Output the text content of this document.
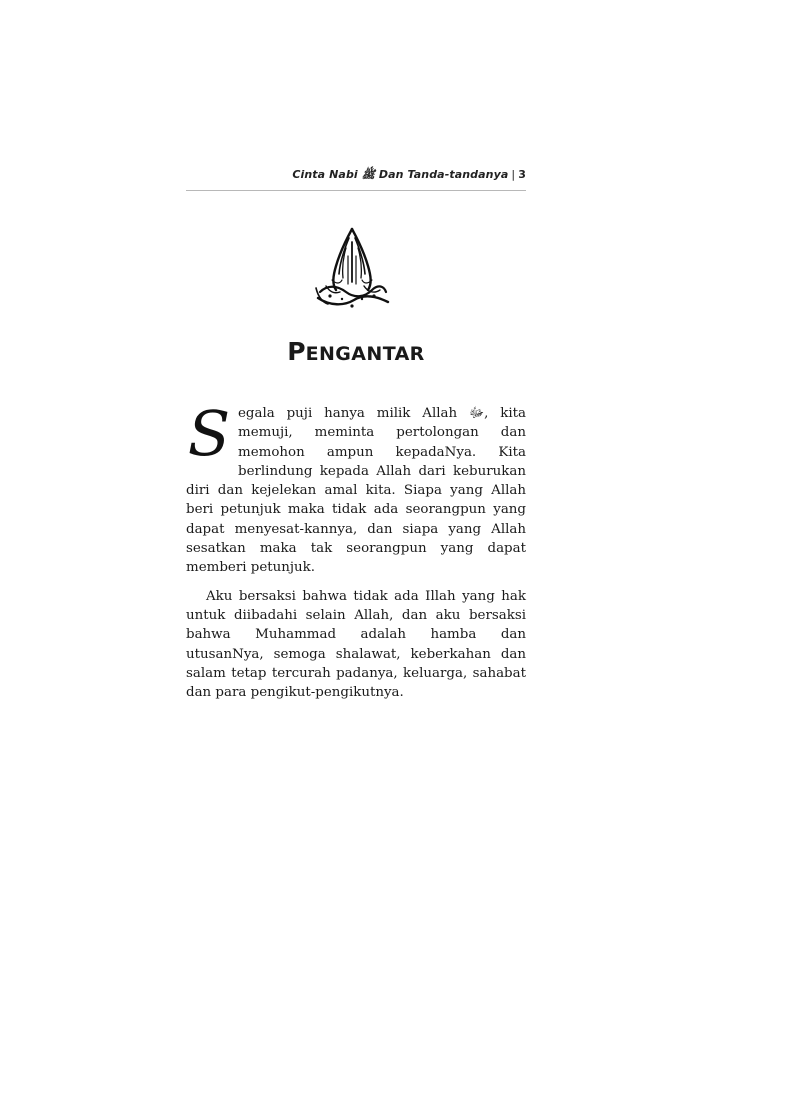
Cinta Nabi ﷺ Dan Tanda-tandanya | 3
PENGANTAR

Segala puji hanya milik Allah ﷻ, kita memuji, meminta pertolongan dan memohon ampun kepadaNya. Kita berlindung kepada Allah dari keburukan diri dan kejelekan amal kita. Siapa yang Allah beri petunjuk maka tidak ada seorangpun yang dapat menyesat-kannya, dan siapa yang Allah sesatkan maka tak seorangpun yang dapat memberi petunjuk.

Aku bersaksi bahwa tidak ada Illah yang hak untuk diibadahi selain Allah, dan aku bersaksi bahwa Muhammad adalah hamba dan utusanNya, semoga shalawat, keberkahan dan salam tetap tercurah padanya, keluarga, sahabat dan para pengikut-pengikutnya.
